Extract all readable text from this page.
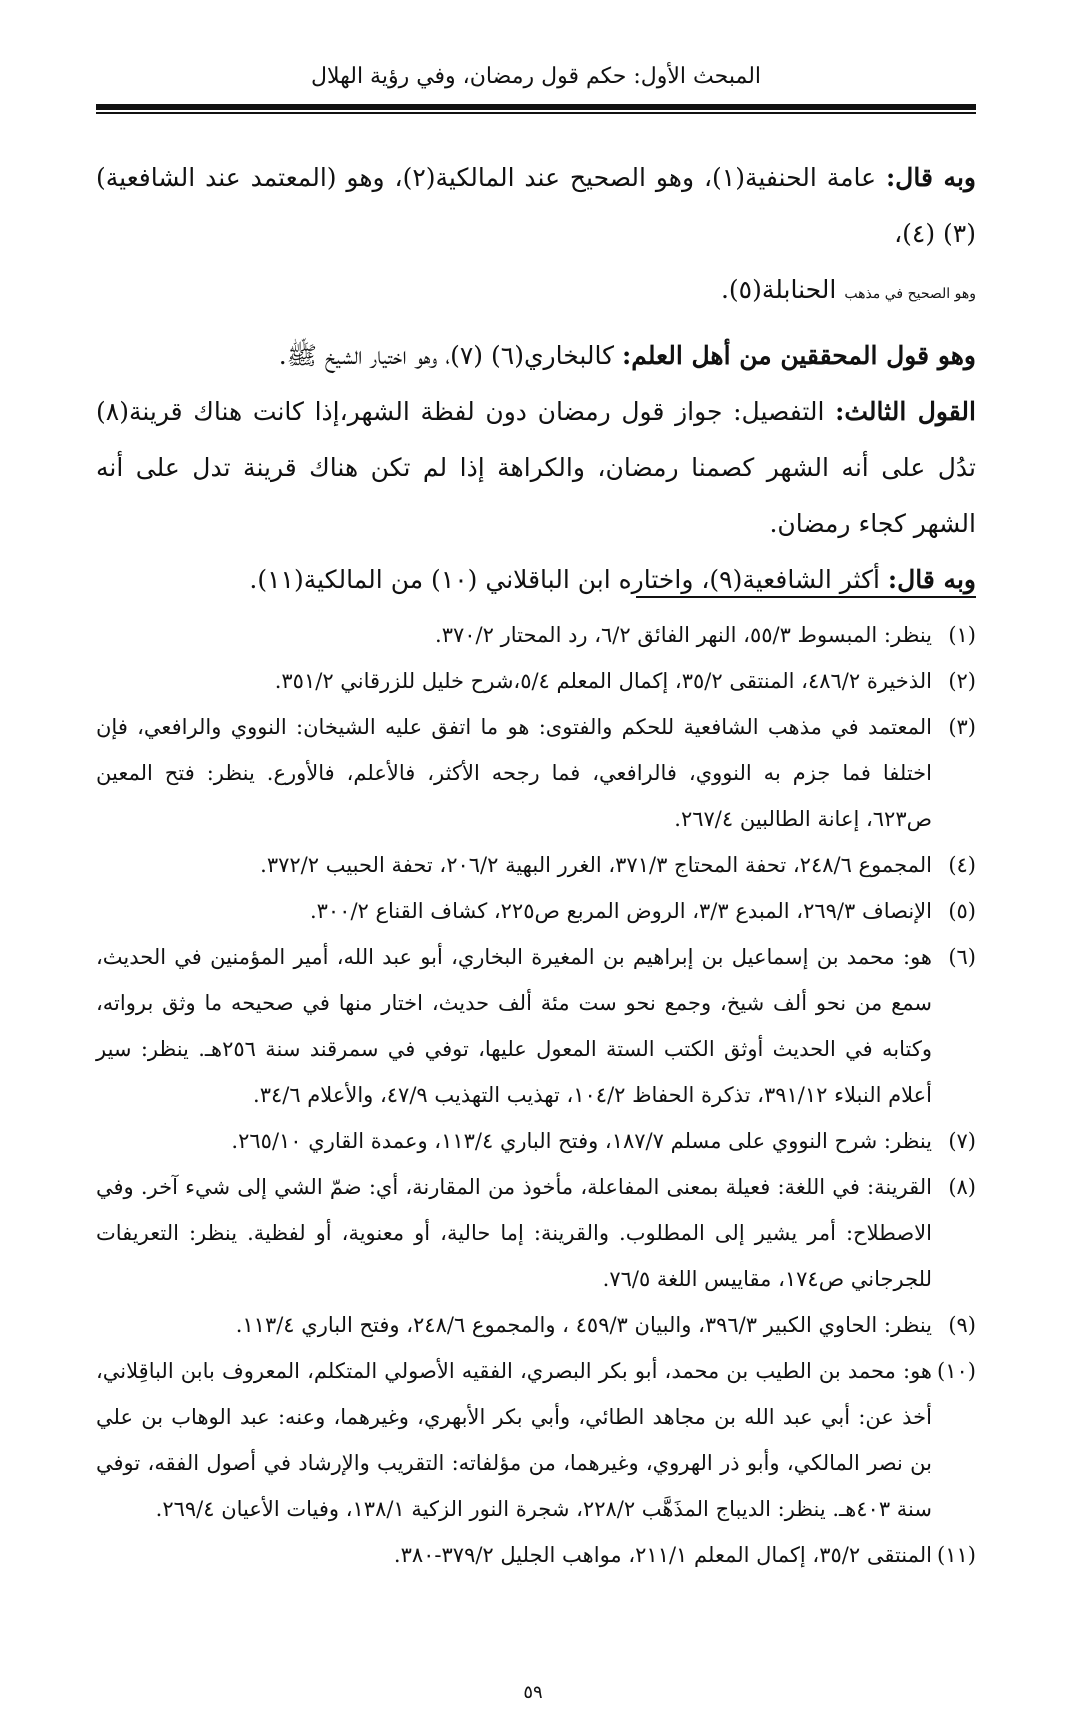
المبحث الأول: حكم قول رمضان، وفي رؤية الهلال

وبه قال: عامة الحنفية(١)، وهو الصحيح عند المالكية(٢)، وهو (المعتمد عند الشافعية)(٣) (٤)،
وهو الصحيح في مذهب الحنابلة(٥).

وهو قول المحققين من أهل العلم: كالبخاري(٦) (٧)، وهو اختيار الشيخ ﷺ.

القول الثالث: التفصيل: جواز قول رمضان دون لفظة الشهر،إذا كانت هناك قرينة(٨) تدُل على أنه الشهر كصمنا رمضان، والكراهة إذا لم تكن هناك قرينة تدل على أنه الشهر كجاء رمضان.

وبه قال: أكثر الشافعية(٩)، واختاره ابن الباقلاني (١٠) من المالكية(١١).

(١)ينظر: المبسوط ٥٥/٣، النهر الفائق ٦/٢، رد المحتار ٣٧٠/٢.

(٢)الذخيرة ٤٨٦/٢، المنتقى ٣٥/٢، إكمال المعلم ٥/٤،شرح خليل للزرقاني ٣٥١/٢.

(٣)المعتمد في مذهب الشافعية للحكم والفتوى: هو ما اتفق عليه الشيخان: النووي والرافعي، فإن اختلفا فما جزم به النووي، فالرافعي، فما رجحه الأكثر، فالأعلم، فالأورع. ينظر: فتح المعين ص٦٢٣، إعانة الطالبين ٢٦٧/٤.

(٤)المجموع ٢٤٨/٦، تحفة المحتاج ٣٧١/٣، الغرر البهية ٢٠٦/٢، تحفة الحبيب ٣٧٢/٢.

(٥)الإنصاف ٢٦٩/٣، المبدع ٣/٣، الروض المربع ص٢٢٥، كشاف القناع ٣٠٠/٢.

(٦)هو: محمد بن إسماعيل بن إبراهيم بن المغيرة البخاري، أبو عبد الله، أمير المؤمنين في الحديث، سمع من نحو ألف شيخ، وجمع نحو ست مئة ألف حديث، اختار منها في صحيحه ما وثق برواته، وكتابه في الحديث أوثق الكتب الستة المعول عليها، توفي في سمرقند سنة ٢٥٦هـ. ينظر: سير أعلام النبلاء ٣٩١/١٢، تذكرة الحفاظ ١٠٤/٢، تهذيب التهذيب ٤٧/٩، والأعلام ٣٤/٦.

(٧)ينظر: شرح النووي على مسلم ١٨٧/٧، وفتح الباري ١١٣/٤، وعمدة القاري ٢٦٥/١٠.

(٨)القرينة: في اللغة: فعيلة بمعنى المفاعلة، مأخوذ من المقارنة، أي: ضمّ الشي إلى شيء آخر. وفي الاصطلاح: أمر يشير إلى المطلوب. والقرينة: إما حالية، أو معنوية، أو لفظية. ينظر: التعريفات للجرجاني ص١٧٤، مقاييس اللغة ٧٦/٥.

(٩)ينظر: الحاوي الكبير ٣٩٦/٣، والبيان ٤٥٩/٣ ، والمجموع ٢٤٨/٦، وفتح الباري ١١٣/٤.

(١٠)هو: محمد بن الطيب بن محمد، أبو بكر البصري، الفقيه الأصولي المتكلم، المعروف بابن الباقِلاني، أخذ عن: أبي عبد الله بن مجاهد الطائي، وأبي بكر الأبهري، وغيرهما، وعنه: عبد الوهاب بن علي بن نصر المالكي، وأبو ذر الهروي، وغيرهما، من مؤلفاته: التقريب والإرشاد في أصول الفقه، توفي سنة ٤٠٣هـ. ينظر: الديباج المذَهَّب ٢٢٨/٢، شجرة النور الزكية ١٣٨/١، وفيات الأعيان ٢٦٩/٤.

(١١)المنتقى ٣٥/٢، إكمال المعلم ٢١١/١، مواهب الجليل ٣٧٩/٢-٣٨٠.

٥٩
